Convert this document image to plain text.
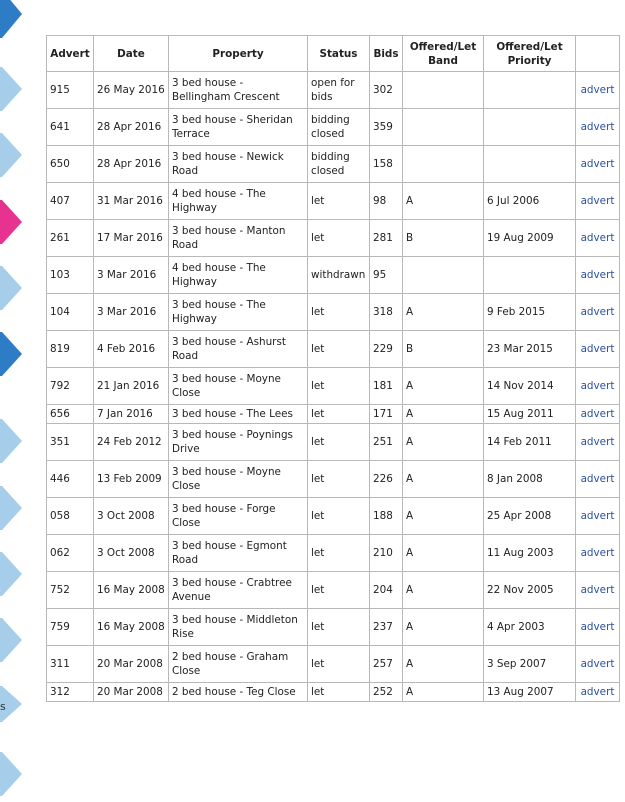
s
Advert	Date	Property	Status	Bids	Offered/Let Band	Offered/Let Priority	
915	26 May 2016	3 bed house - Bellingham Crescent	open for bids	302			advert
641	28 Apr 2016	3 bed house - Sheridan Terrace	bidding closed	359			advert
650	28 Apr 2016	3 bed house - Newick Road	bidding closed	158			advert
407	31 Mar 2016	4 bed house - The Highway	let	98	A	6 Jul 2006	advert
261	17 Mar 2016	3 bed house - Manton Road	let	281	B	19 Aug 2009	advert
103	3 Mar 2016	4 bed house - The Highway	withdrawn	95			advert
104	3 Mar 2016	3 bed house - The Highway	let	318	A	9 Feb 2015	advert
819	4 Feb 2016	3 bed house - Ashurst Road	let	229	B	23 Mar 2015	advert
792	21 Jan 2016	3 bed house - Moyne Close	let	181	A	14 Nov 2014	advert
656	7 Jan 2016	3 bed house - The Lees	let	171	A	15 Aug 2011	advert
351	24 Feb 2012	3 bed house - Poynings Drive	let	251	A	14 Feb 2011	advert
446	13 Feb 2009	3 bed house - Moyne Close	let	226	A	8 Jan 2008	advert
058	3 Oct 2008	3 bed house - Forge Close	let	188	A	25 Apr 2008	advert
062	3 Oct 2008	3 bed house - Egmont Road	let	210	A	11 Aug 2003	advert
752	16 May 2008	3 bed house - Crabtree Avenue	let	204	A	22 Nov 2005	advert
759	16 May 2008	3 bed house - Middleton Rise	let	237	A	4 Apr 2003	advert
311	20 Mar 2008	2 bed house - Graham Close	let	257	A	3 Sep 2007	advert
312	20 Mar 2008	2 bed house - Teg Close	let	252	A	13 Aug 2007	advert
